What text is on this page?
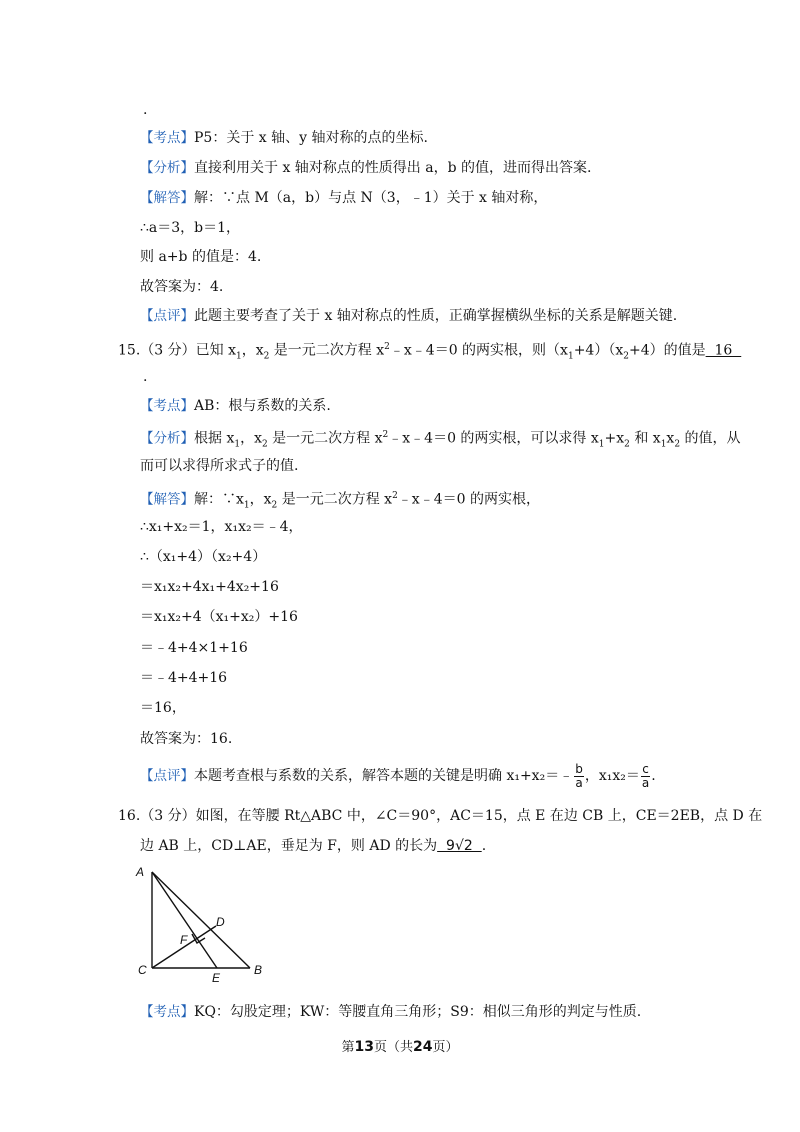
.
【考点】P5：关于 x 轴、y 轴对称的点的坐标.
【分析】直接利用关于 x 轴对称点的性质得出 a，b 的值，进而得出答案.
【解答】解：∵点 M（a，b）与点 N（3，﹣1）关于 x 轴对称，
∴a＝3，b＝1，
则 a+b 的值是：4.
故答案为：4.
【点评】此题主要考查了关于 x 轴对称点的性质，正确掌握横纵坐标的关系是解题关键.
15.（3 分）已知 $x_1$，$x_2$ 是一元二次方程 $x^2﹣x﹣4=0$ 的两实根，则$(x_1+4)(x_2+4)$的值是  16
.
【考点】AB：根与系数的关系.
【分析】根据 $x_1$，$x_2$ 是一元二次方程 $x^2﹣x﹣4=0$ 的两实根，可以求得 $x_1+x_2$ 和 $x_1x_2$ 的值，从
而可以求得所求式子的值.
【解答】解：$\because x_1$，$x_2$ 是一元二次方程 $x^2﹣x﹣4=0$ 的两实根，
∴x₁+x₂＝1，x₁x₂＝﹣4，
∴（x₁+4）（x₂+4）
＝x₁x₂+4x₁+4x₂+16
＝x₁x₂+4（x₁+x₂）+16
＝﹣4+4×1+16
＝﹣4+4+16
＝16，
故答案为：16.
【点评】本题考查根与系数的关系，解答本题的关键是明确 x₁+x₂＝﹣ $\frac{b}{a}$ ，$x_1x_2= \frac{c}{a}$ .
16.（3 分）如图，在等腰 Rt△ABC 中，∠C＝90°，AC＝15，点 E 在边 CB 上，CE＝2EB，点 D 在
边 AB 上，CD⊥AE，垂足为 F，则 AD 的长为  9√2  .
A
D
F
C
E
B
【考点】KQ：勾股定理；KW：等腰直角三角形；S9：相似三角形的判定与性质.
第13页（共24页）
